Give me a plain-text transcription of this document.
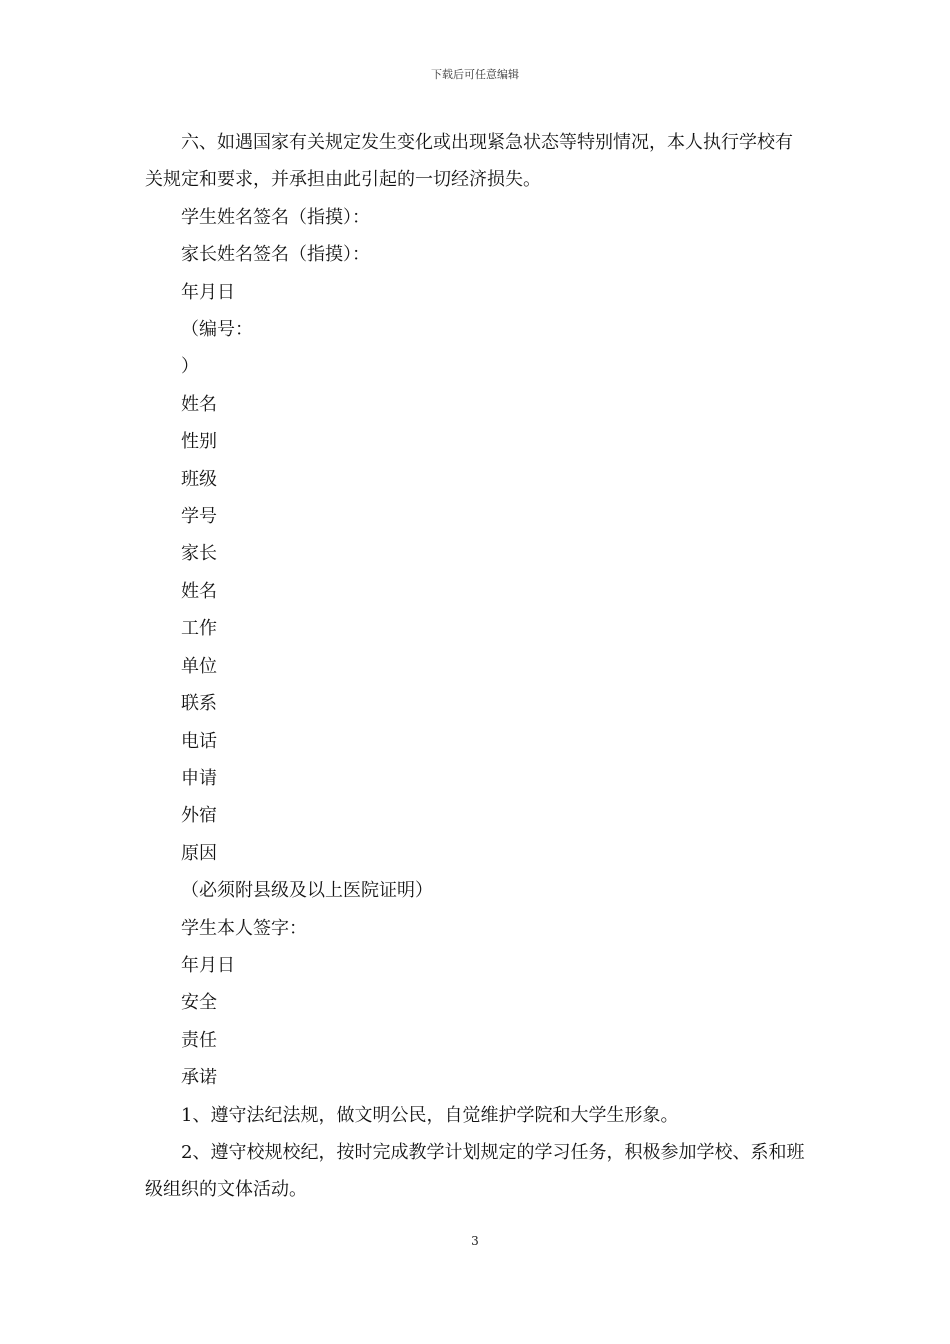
下载后可任意编辑

六、如遇国家有关规定发生变化或出现紧急状态等特别情况，本人执行学校有关规定和要求，并承担由此引起的一切经济损失。

学生姓名签名（指摸）：

家长姓名签名（指摸）：

年月日

（编号：

）

姓名

性别

班级

学号

家长

姓名

工作

单位

联系

电话

申请

外宿

原因

（必须附县级及以上医院证明）

学生本人签字：

年月日

安全

责任

承诺

1、遵守法纪法规，做文明公民，自觉维护学院和大学生形象。

2、遵守校规校纪，按时完成教学计划规定的学习任务，积极参加学校、系和班级组织的文体活动。

3
